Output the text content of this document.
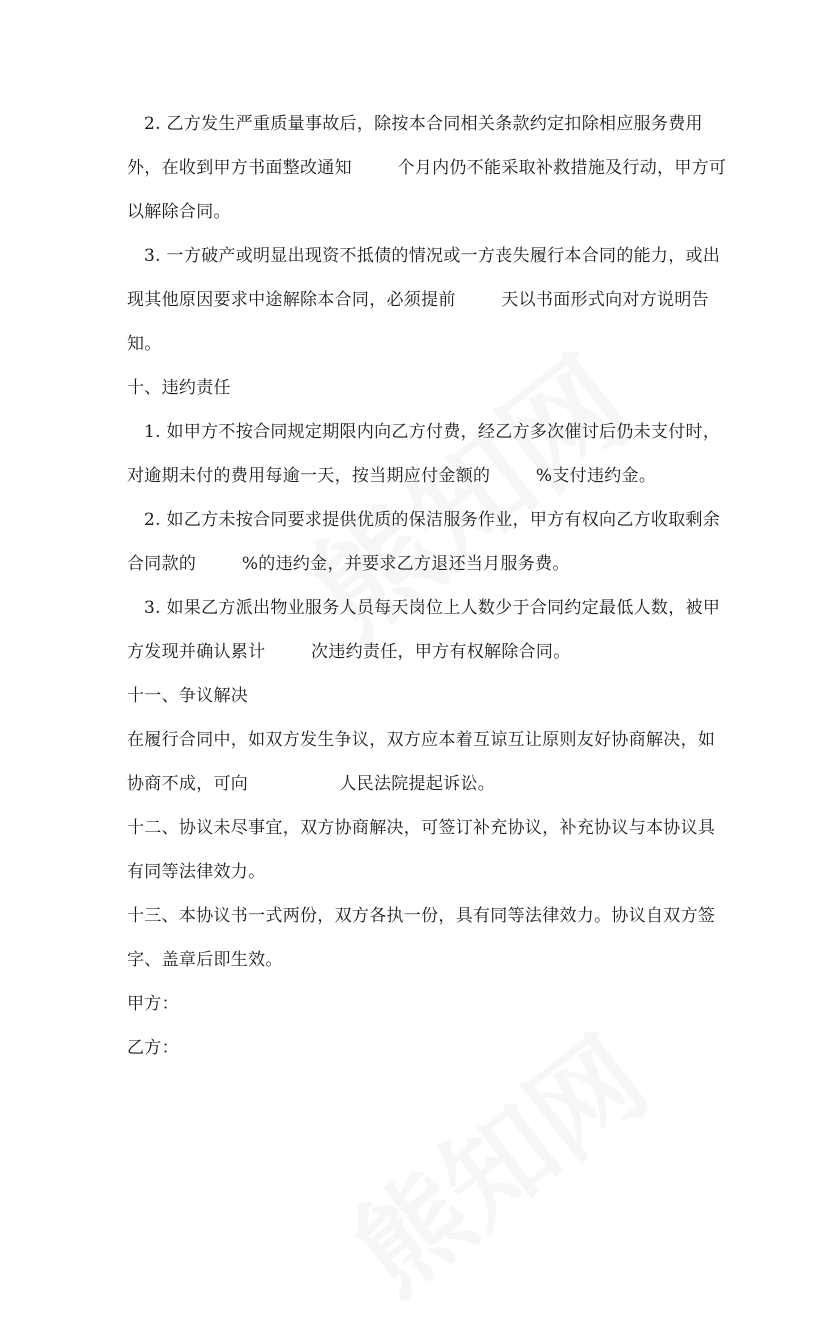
2. 乙方发生严重质量事故后，除按本合同相关条款约定扣除相应服务费用
外，在收到甲方书面整改通知        个月内仍不能采取补救措施及行动，甲方可
以解除合同。
3. 一方破产或明显出现资不抵债的情况或一方丧失履行本合同的能力，或出
现其他原因要求中途解除本合同，必须提前        天以书面形式向对方说明告
知。
十、违约责任
1. 如甲方不按合同规定期限内向乙方付费，经乙方多次催讨后仍未支付时，
对逾期未付的费用每逾一天，按当期应付金额的        %支付违约金。
2. 如乙方未按合同要求提供优质的保洁服务作业，甲方有权向乙方收取剩余
合同款的        %的违约金，并要求乙方退还当月服务费。
3. 如果乙方派出物业服务人员每天岗位上人数少于合同约定最低人数，被甲
方发现并确认累计        次违约责任，甲方有权解除合同。
十一、争议解决
在履行合同中，如双方发生争议，双方应本着互谅互让原则友好协商解决，如
协商不成，可向                人民法院提起诉讼。
十二、协议未尽事宜，双方协商解决，可签订补充协议，补充协议与本协议具
有同等法律效力。
十三、本协议书一式两份，双方各执一份，具有同等法律效力。协议自双方签
字、盖章后即生效。
甲方：
乙方：
